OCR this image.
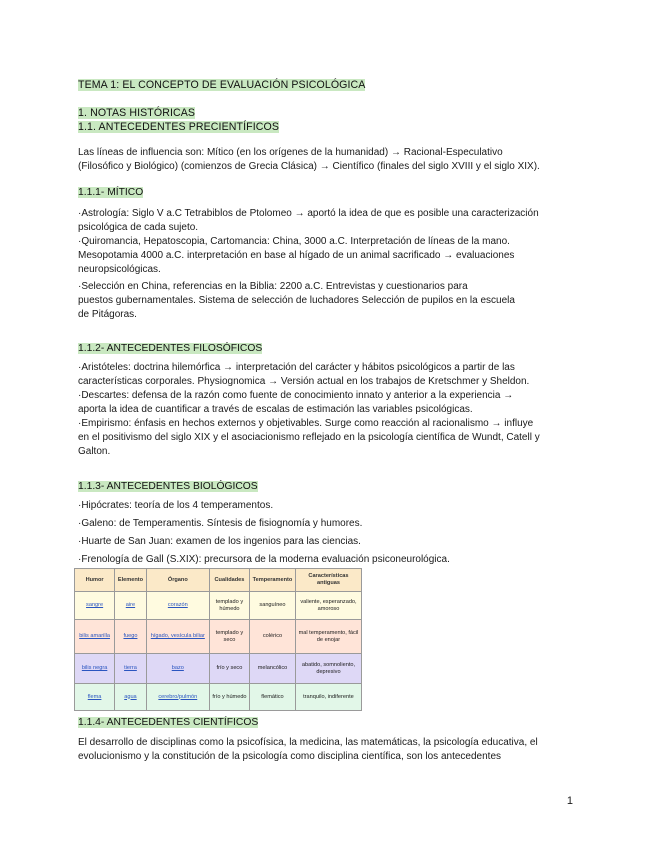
TEMA 1: EL CONCEPTO DE EVALUACIÓN PSICOLÓGICA
1. NOTAS HISTÓRICAS
1.1. ANTECEDENTES PRECIENTÍFICOS
Las líneas de influencia son: Mítico (en los orígenes de la humanidad) → Racional-Especulativo
(Filosófico y Biológico) (comienzos de Grecia Clásica) → Científico (finales del siglo XVIII y el siglo XIX).
1.1.1- MÍTICO
·Astrología: Siglo V a.C Tetrabiblos de Ptolomeo → aportó la idea de que es posible una caracterización
psicológica de cada sujeto.
·Quiromancia, Hepatoscopia, Cartomancia: China, 3000 a.C. Interpretación de líneas de la mano.
Mesopotamia 4000 a.C. interpretación en base al hígado de un animal sacrificado → evaluaciones
neuropsicológicas.
·Selección en China, referencias en la Biblia: 2200 a.C. Entrevistas y cuestionarios para
puestos gubernamentales. Sistema de selección de luchadores Selección de pupilos en la escuela
de Pitágoras.
1.1.2- ANTECEDENTES FILOSÓFICOS
·Aristóteles: doctrina hilemórfica → interpretación del carácter y hábitos psicológicos a partir de las
características corporales. Physiognomica → Versión actual en los trabajos de Kretschmer y Sheldon.
·Descartes: defensa de la razón como fuente de conocimiento innato y anterior a la experiencia →
aporta la idea de cuantificar a través de escalas de estimación las variables psicológicas.
·Empirismo: énfasis en hechos externos y objetivables. Surge como reacción al racionalismo → influye
en el positivismo del siglo XIX y el asociacionismo reflejado en la psicología científica de Wundt, Catell y
Galton.
1.1.3- ANTECEDENTES BIOLÓGICOS
·Hipócrates: teoría de los 4 temperamentos.
·Galeno: de Temperamentis. Síntesis de fisiognomía y humores.
·Huarte de San Juan: examen de los ingenios para las ciencias.
·Frenología de Gall (S.XIX): precursora de la moderna evaluación psiconeurológica.
Humor	Elemento	Órgano	Cualidades	Temperamento	Características antiguas
sangre	aire	corazón	templado y húmedo	sanguíneo	valiente, esperanzado, amoroso
bilis amarilla	fuego	hígado, vesícula biliar	templado y seco	colérico	mal temperamento, fácil de enojar
bilis negra	tierra	bazo	frío y seco	melancólico	abatido, somnoliento, depresivo
flema	agua	cerebro/pulmón	frío y húmedo	flemático	tranquilo, indiferente
1.1.4- ANTECEDENTES CIENTÍFICOS
El desarrollo de disciplinas como la psicofísica, la medicina, las matemáticas, la psicología educativa, el
evolucionismo y la constitución de la psicología como disciplina científica, son los antecedentes
1
